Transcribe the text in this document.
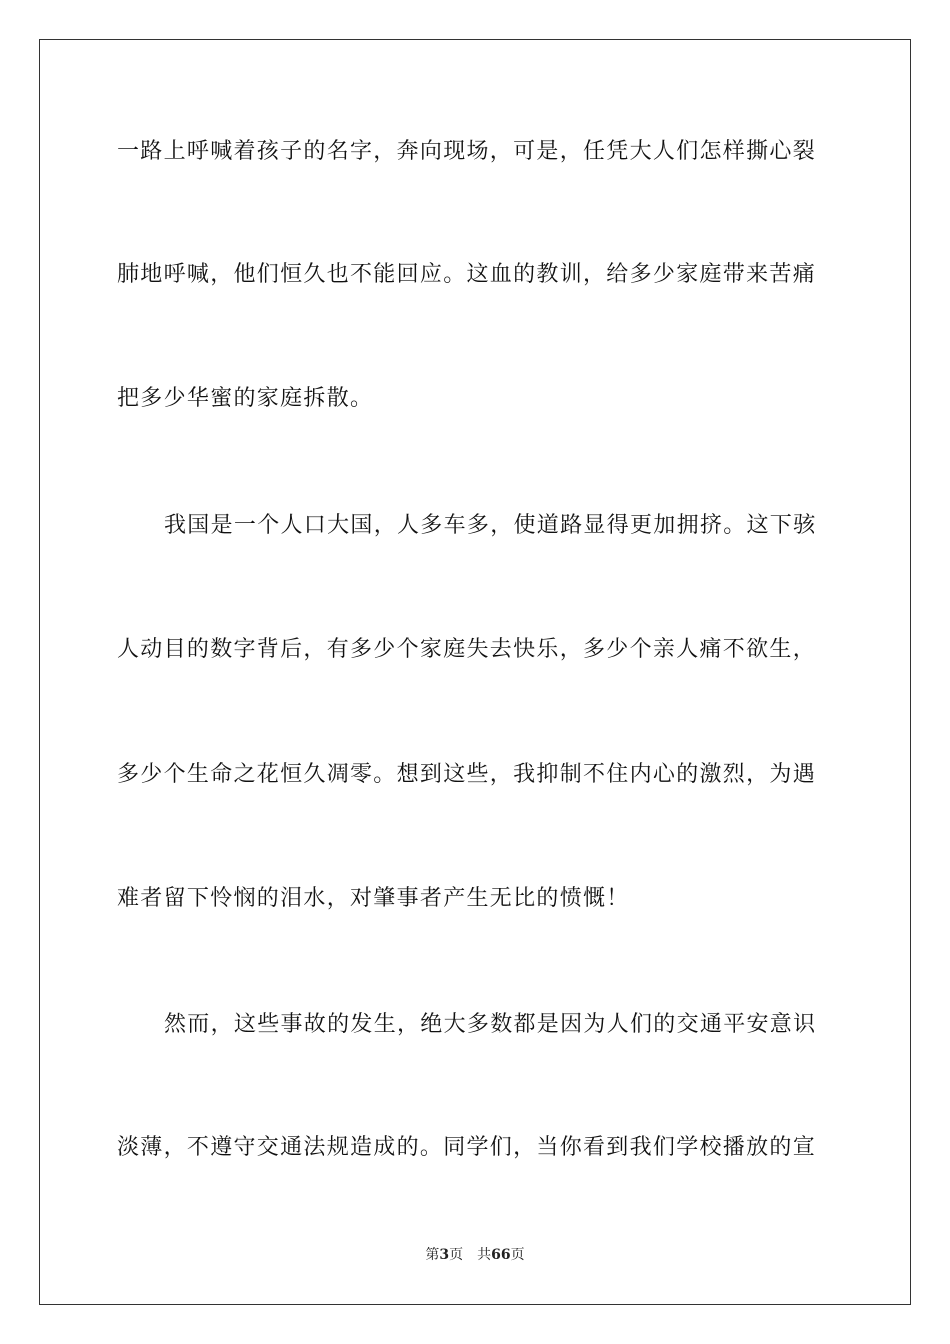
一路上呼喊着孩子的名字，奔向现场，可是，任凭大人们怎样撕心裂
肺地呼喊，他们恒久也不能回应。这血的教训，给多少家庭带来苦痛
把多少华蜜的家庭拆散。
我国是一个人口大国，人多车多，使道路显得更加拥挤。这下骇
人动目的数字背后，有多少个家庭失去快乐，多少个亲人痛不欲生，
多少个生命之花恒久凋零。想到这些，我抑制不住内心的激烈，为遇
难者留下怜悯的泪水，对肇事者产生无比的愤慨！
然而，这些事故的发生，绝大多数都是因为人们的交通平安意识
淡薄，不遵守交通法规造成的。同学们，当你看到我们学校播放的宣
第3页 共66页
